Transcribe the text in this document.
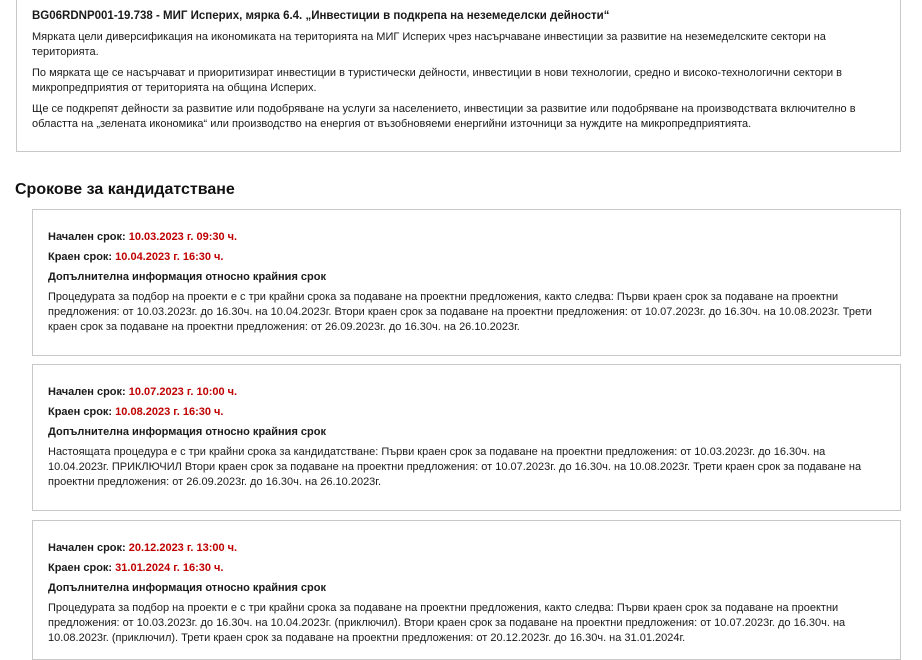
BG06RDNP001-19.738 - МИГ Исперих, мярка 6.4. „Инвестиции в подкрепа на неземеделски дейности“

Мярката цели диверсификация на икономиката на територията на МИГ Исперих чрез насърчаване инвестиции за развитие на неземеделските сектори на територията.

По мярката ще се насърчават и приоритизират инвестиции в туристически дейности, инвестиции в нови технологии, средно и високо-технологични сектори в микропредприятия от територията на община Исперих.

Ще се подкрепят дейности за развитие или подобряване на услуги за населението, инвестиции за развитие или подобряване на производствата включително в областта на „зелената икономика“ или производство на енергия от възобновяеми енергийни източници за нуждите на микропредприятията.

Срокове за кандидатстване

Начален срок: 10.03.2023 г. 09:30 ч.

Краен срок: 10.04.2023 г. 16:30 ч.

Допълнителна информация относно крайния срок

Процедурата за подбор на проекти е с три крайни срока за подаване на проектни предложения, както следва: Първи краен срок за подаване на проектни предложения: от 10.03.2023г. до 16.30ч. на 10.04.2023г. Втори краен срок за подаване на проектни предложения: от 10.07.2023г. до 16.30ч. на 10.08.2023г. Трети краен срок за подаване на проектни предложения: от 26.09.2023г. до 16.30ч. на 26.10.2023г.

Начален срок: 10.07.2023 г. 10:00 ч.

Краен срок: 10.08.2023 г. 16:30 ч.

Допълнителна информация относно крайния срок

Настоящата процедура е с три крайни срока за кандидатстване: Първи краен срок за подаване на проектни предложения: от 10.03.2023г. до 16.30ч. на 10.04.2023г. ПРИКЛЮЧИЛ Втори краен срок за подаване на проектни предложения: от 10.07.2023г. до 16.30ч. на 10.08.2023г. Трети краен срок за подаване на проектни предложения: от 26.09.2023г. до 16.30ч. на 26.10.2023г.

Начален срок: 20.12.2023 г. 13:00 ч.

Краен срок: 31.01.2024 г. 16:30 ч.

Допълнителна информация относно крайния срок

Процедурата за подбор на проекти е с три крайни срока за подаване на проектни предложения, както следва: Първи краен срок за подаване на проектни предложения: от 10.03.2023г. до 16.30ч. на 10.04.2023г. (приключил). Втори краен срок за подаване на проектни предложения: от 10.07.2023г. до 16.30ч. на 10.08.2023г. (приключил). Трети краен срок за подаване на проектни предложения: от 20.12.2023г. до 16.30ч. на 31.01.2024г.
